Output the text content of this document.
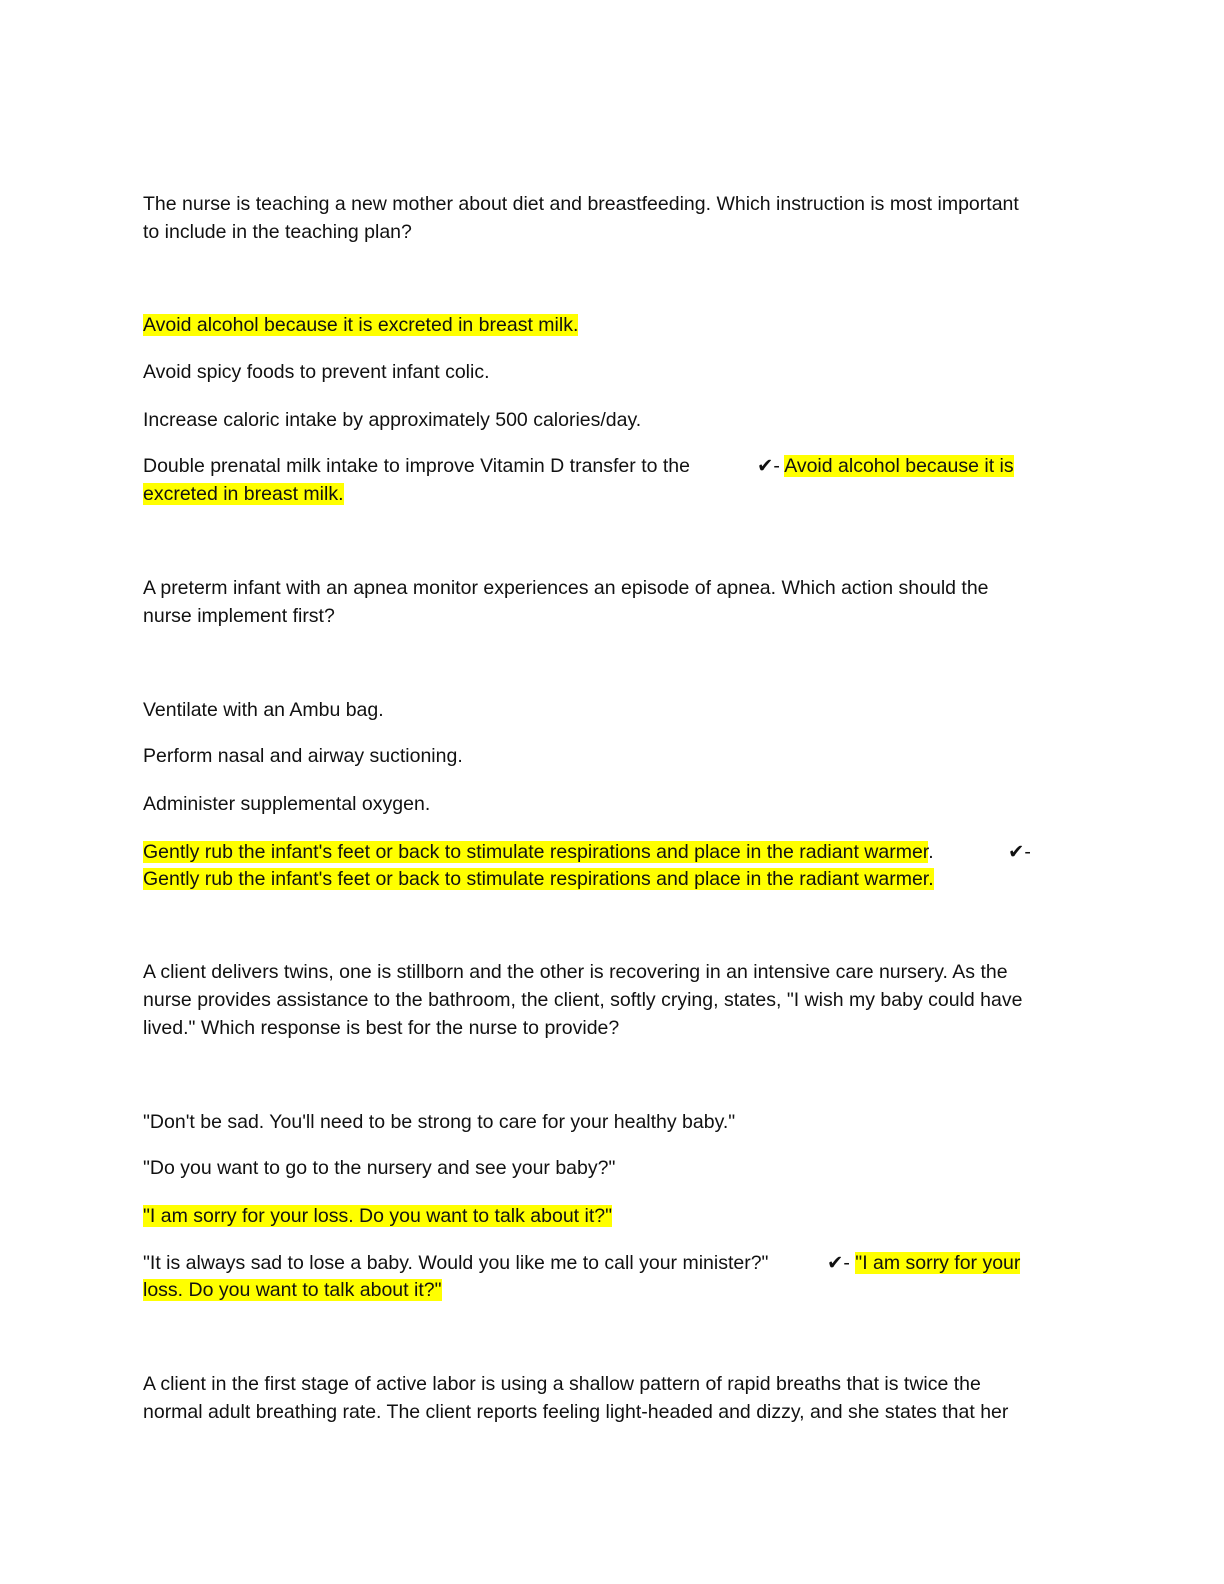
The nurse is teaching a new mother about diet and breastfeeding. Which instruction is most important

to include in the teaching plan?

Avoid alcohol because it is excreted in breast milk.

Avoid spicy foods to prevent infant colic.

Increase caloric intake by approximately 500 calories/day.

Double prenatal milk intake to improve Vitamin D transfer to the	✔- Avoid alcohol because it is

excreted in breast milk.

A preterm infant with an apnea monitor experiences an episode of apnea. Which action should the

nurse implement first?

Ventilate with an Ambu bag.

Perform nasal and airway suctioning.

Administer supplemental oxygen.

Gently rub the infant's feet or back to stimulate respirations and place in the radiant warmer.	✔-

Gently rub the infant's feet or back to stimulate respirations and place in the radiant warmer.

A client delivers twins, one is stillborn and the other is recovering in an intensive care nursery. As the

nurse provides assistance to the bathroom, the client, softly crying, states, "I wish my baby could have

lived." Which response is best for the nurse to provide?

"Don't be sad. You'll need to be strong to care for your healthy baby."

"Do you want to go to the nursery and see your baby?"

"I am sorry for your loss. Do you want to talk about it?"

"It is always sad to lose a baby. Would you like me to call your minister?"	✔- "I am sorry for your

loss. Do you want to talk about it?"

A client in the first stage of active labor is using a shallow pattern of rapid breaths that is twice the

normal adult breathing rate. The client reports feeling light-headed and dizzy, and she states that her
